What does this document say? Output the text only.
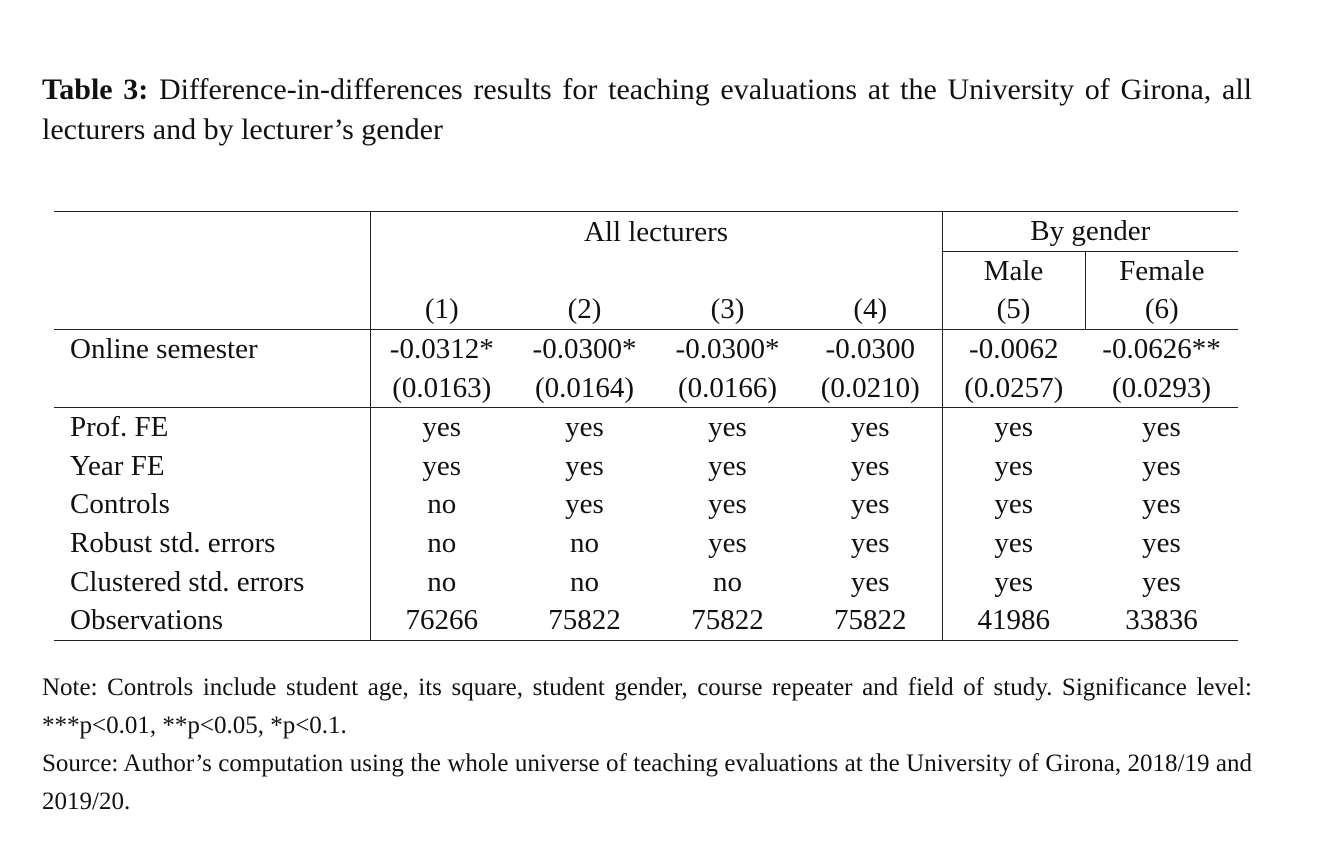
Table 3: Difference-in-differences results for teaching evaluations at the University of Girona, all lecturers and by lecturer’s gender
	All lecturers				By gender	
					Male	Female
	(1)	(2)	(3)	(4)	(5)	(6)
Online semester	-0.0312*	-0.0300*	-0.0300*	-0.0300	-0.0062	-0.0626**
	(0.0163)	(0.0164)	(0.0166)	(0.0210)	(0.0257)	(0.0293)
Prof. FE	yes	yes	yes	yes	yes	yes
Year FE	yes	yes	yes	yes	yes	yes
Controls	no	yes	yes	yes	yes	yes
Robust std. errors	no	no	yes	yes	yes	yes
Clustered std. errors	no	no	no	yes	yes	yes
Observations	76266	75822	75822	75822	41986	33836

Note: Controls include student age, its square, student gender, course repeater and field of study. Significance level: ***p<0.01, **p<0.05, *p<0.1.

Source: Author’s computation using the whole universe of teaching evaluations at the University of Girona, 2018/19 and 2019/20.
